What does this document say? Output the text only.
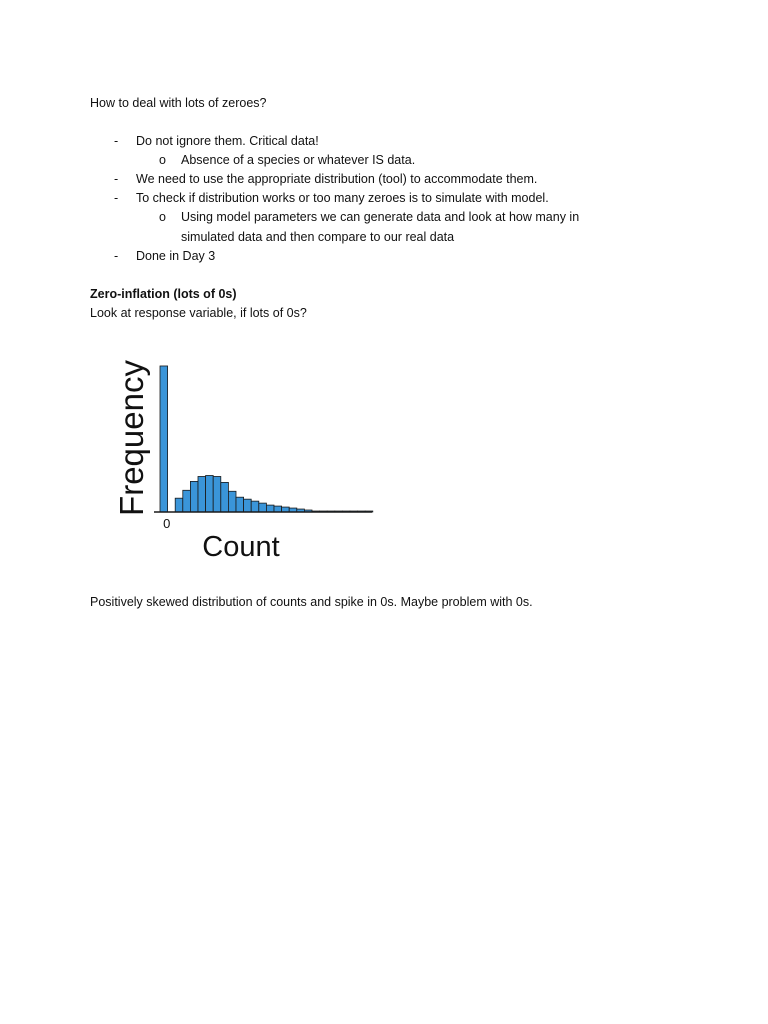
How to deal with lots of zeroes?
- Do not ignore them. Critical data!
o Absence of a species or whatever IS data.
- We need to use the appropriate distribution (tool) to accommodate them.
- To check if distribution works or too many zeroes is to simulate with model.
o Using model parameters we can generate data and look at how many in
simulated data and then compare to our real data
- Done in Day 3
Zero-inflation (lots of 0s)
Look at response variable, if lots of 0s?
0
Count
Frequency
Positively skewed distribution of counts and spike in 0s. Maybe problem with 0s.
